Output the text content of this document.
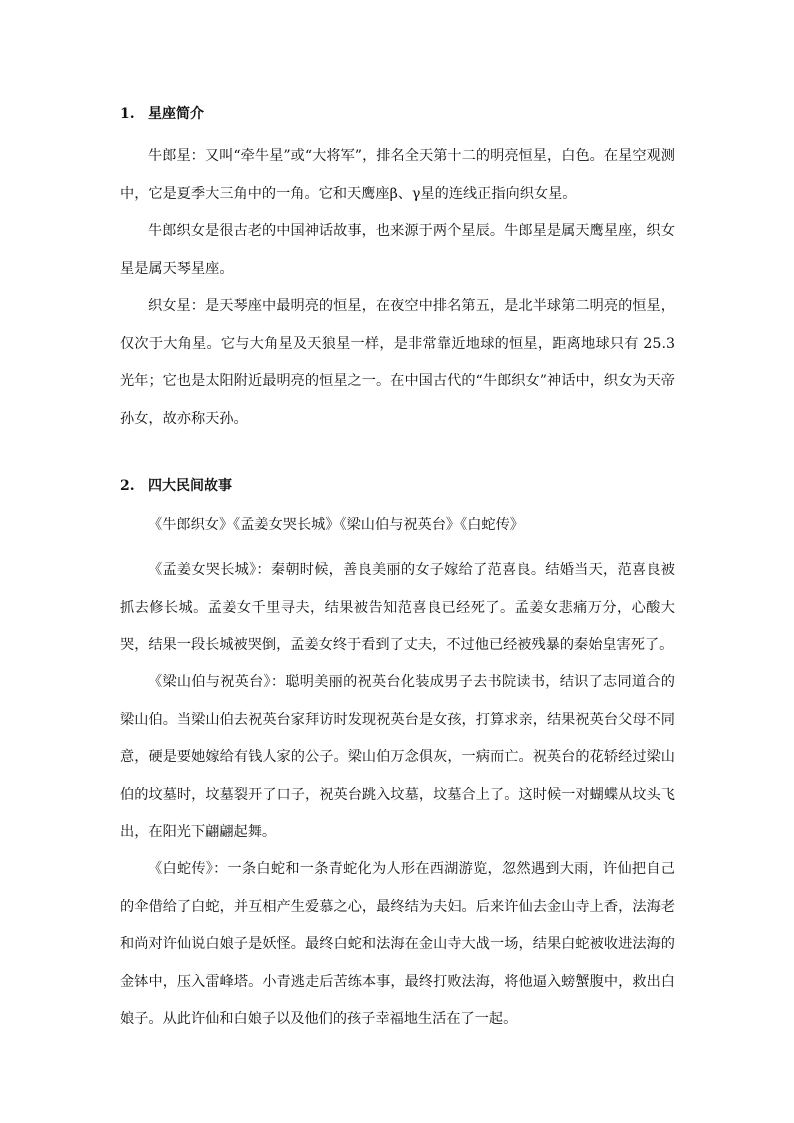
1. 星座简介

牛郎星：又叫“牵牛星”或“大将军”，排名全天第十二的明亮恒星，白色。在星空观测中，它是夏季大三角中的一角。它和天鹰座β、γ星的连线正指向织女星。

牛郎织女是很古老的中国神话故事，也来源于两个星辰。牛郎星是属天鹰星座，织女星是属天琴星座。

织女星：是天琴座中最明亮的恒星，在夜空中排名第五，是北半球第二明亮的恒星，仅次于大角星。它与大角星及天狼星一样，是非常靠近地球的恒星，距离地球只有 25.3 光年；它也是太阳附近最明亮的恒星之一。在中国古代的“牛郎织女”神话中，织女为天帝孙女，故亦称天孙。

2. 四大民间故事

《牛郎织女》《孟姜女哭长城》《梁山伯与祝英台》《白蛇传》

《孟姜女哭长城》：秦朝时候，善良美丽的女子嫁给了范喜良。结婚当天，范喜良被抓去修长城。孟姜女千里寻夫，结果被告知范喜良已经死了。孟姜女悲痛万分，心酸大哭，结果一段长城被哭倒，孟姜女终于看到了丈夫，不过他已经被残暴的秦始皇害死了。

《梁山伯与祝英台》：聪明美丽的祝英台化装成男子去书院读书，结识了志同道合的梁山伯。当梁山伯去祝英台家拜访时发现祝英台是女孩，打算求亲，结果祝英台父母不同意，硬是要她嫁给有钱人家的公子。梁山伯万念俱灰，一病而亡。祝英台的花轿经过梁山伯的坟墓时，坟墓裂开了口子，祝英台跳入坟墓，坟墓合上了。这时候一对蝴蝶从坟头飞出，在阳光下翩翩起舞。

《白蛇传》：一条白蛇和一条青蛇化为人形在西湖游览，忽然遇到大雨，许仙把自己的伞借给了白蛇，并互相产生爱慕之心，最终结为夫妇。后来许仙去金山寺上香，法海老和尚对许仙说白娘子是妖怪。最终白蛇和法海在金山寺大战一场，结果白蛇被收进法海的金钵中，压入雷峰塔。小青逃走后苦练本事，最终打败法海，将他逼入螃蟹腹中，救出白娘子。从此许仙和白娘子以及他们的孩子幸福地生活在了一起。
